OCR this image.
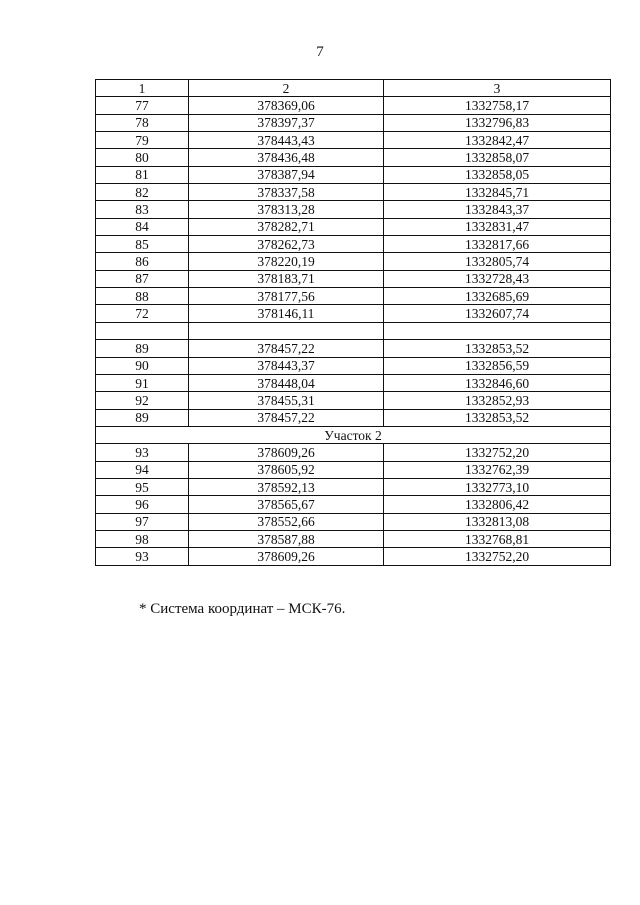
7
1	2	3
77	378369,06	1332758,17
78	378397,37	1332796,83
79	378443,43	1332842,47
80	378436,48	1332858,07
81	378387,94	1332858,05
82	378337,58	1332845,71
83	378313,28	1332843,37
84	378282,71	1332831,47
85	378262,73	1332817,66
86	378220,19	1332805,74
87	378183,71	1332728,43
88	378177,56	1332685,69
72	378146,11	1332607,74

89	378457,22	1332853,52
90	378443,37	1332856,59
91	378448,04	1332846,60
92	378455,31	1332852,93
89	378457,22	1332853,52
Участок 2		
93	378609,26	1332752,20
94	378605,92	1332762,39
95	378592,13	1332773,10
96	378565,67	1332806,42
97	378552,66	1332813,08
98	378587,88	1332768,81
93	378609,26	1332752,20
* Система координат – МСК-76.
